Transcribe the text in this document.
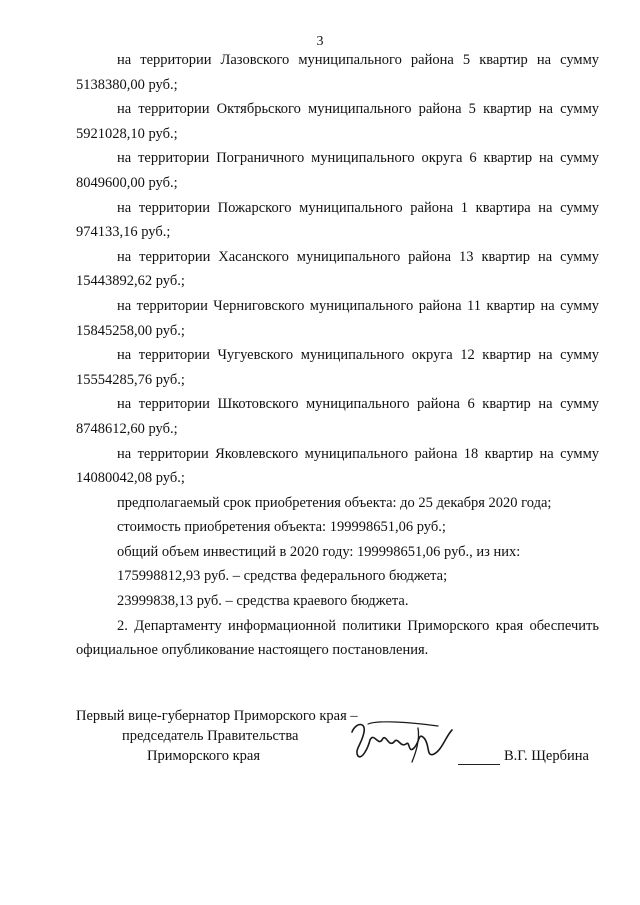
3

на территории Лазовского муниципального района 5 квартир на сумму 5138380,00 руб.;

на территории Октябрьского муниципального района 5 квартир на сумму 5921028,10 руб.;

на территории Пограничного муниципального округа 6 квартир на сумму 8049600,00 руб.;

на территории Пожарского муниципального района 1 квартира на сумму 974133,16 руб.;

на территории Хасанского муниципального района 13 квартир на сумму 15443892,62 руб.;

на территории Черниговского муниципального района 11 квартир на сумму 15845258,00 руб.;

на территории Чугуевского муниципального округа 12 квартир на сумму 15554285,76 руб.;

на территории Шкотовского муниципального района 6 квартир на сумму 8748612,60 руб.;

на территории Яковлевского муниципального района 18 квартир на сумму 14080042,08 руб.;

предполагаемый срок приобретения объекта: до 25 декабря 2020 года;

стоимость приобретения объекта: 199998651,06 руб.;

общий объем инвестиций в 2020 году: 199998651,06 руб., из них:

175998812,93 руб. – средства федерального бюджета;

23999838,13 руб. – средства краевого бюджета.

2. Департаменту информационной политики Приморского края обеспечить официальное опубликование настоящего постановления.

Первый вице-губернатор Приморского края –
председатель Правительства
Приморского края	В.Г. Щербина
